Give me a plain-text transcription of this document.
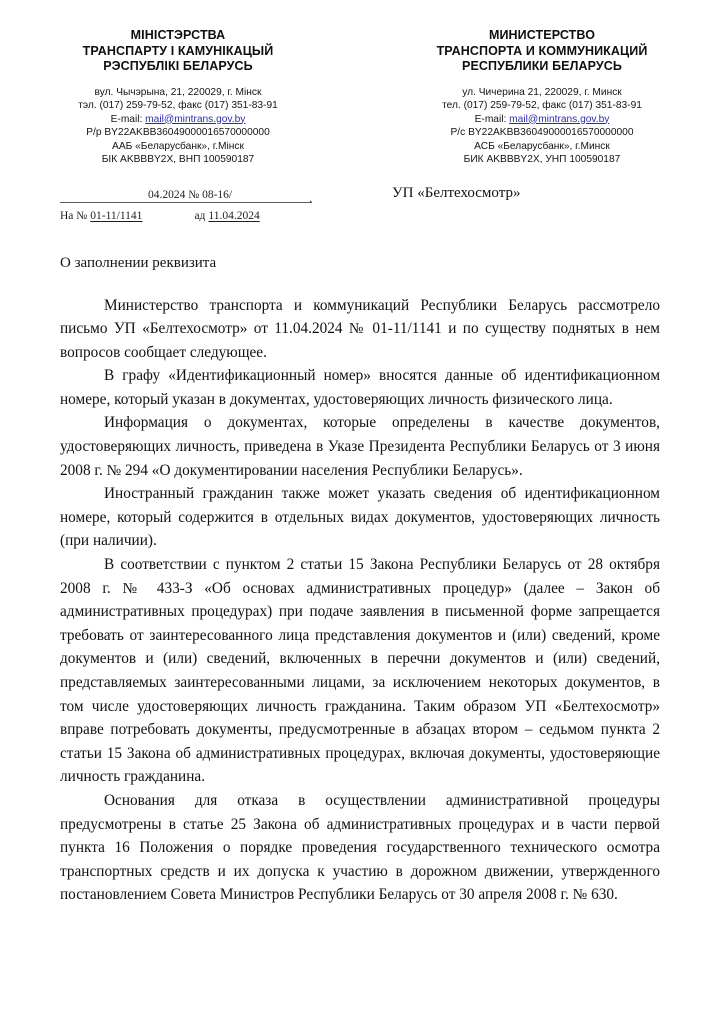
МІНІСТЭРСТВА
ТРАНСПАРТУ І КАМУНІКАЦЫЙ
РЭСПУБЛІКІ БЕЛАРУСЬ
вул. Чычэрына, 21, 220029, г. Мінск
тэл. (017) 259-79-52, факс (017) 351-83-91
E-mail: mail@mintrans.gov.by
Р/р BY22AKBB36049000016570000000
ААБ «Беларусбанк», г.Мінск
БІК AKBBBY2X, ВНП 100590187
МИНИСТЕРСТВО
ТРАНСПОРТА И КОММУНИКАЦИЙ
РЕСПУБЛИКИ БЕЛАРУСЬ
ул. Чичерина 21, 220029, г. Минск
тел. (017) 259-79-52, факс (017) 351-83-91
E-mail: mail@mintrans.gov.by
Р/с BY22AKBB36049000016570000000
АСБ «Беларусбанк», г.Минск
БИК AKBBBY2X, УНП 100590187
04.2024 № 08-16/	.
На № 01-11/1141	ад 11.04.2024
УП «Белтехосмотр»
О заполнении реквизита

Министерство транспорта и коммуникаций Республики Беларусь рассмотрело письмо УП «Белтехосмотр» от 11.04.2024 № 01-11/1141 и по существу поднятых в нем вопросов сообщает следующее.

В графу «Идентификационный номер» вносятся данные об идентификационном номере, который указан в документах, удостоверяющих личность физического лица.

Информация о документах, которые определены в качестве документов, удостоверяющих личность, приведена в Указе Президента Республики Беларусь от 3 июня 2008 г. № 294 «О документировании населения Республики Беларусь».

Иностранный гражданин также может указать сведения об идентификационном номере, который содержится в отдельных видах документов, удостоверяющих личность (при наличии).

В соответствии с пунктом 2 статьи 15 Закона Республики Беларусь от 28 октября 2008 г. № 433-З «Об основах административных процедур» (далее – Закон об административных процедурах) при подаче заявления в письменной форме запрещается требовать от заинтересованного лица представления документов и (или) сведений, кроме документов и (или) сведений, включенных в перечни документов и (или) сведений, представляемых заинтересованными лицами, за исключением некоторых документов, в том числе удостоверяющих личность гражданина. Таким образом УП «Белтехосмотр» вправе потребовать документы, предусмотренные в абзацах втором – седьмом пункта 2 статьи 15 Закона об административных процедурах, включая документы, удостоверяющие личность гражданина.

Основания для отказа в осуществлении административной процедуры предусмотрены в статье 25 Закона об административных процедурах и в части первой пункта 16 Положения о порядке проведения государственного технического осмотра транспортных средств и их допуска к участию в дорожном движении, утвержденного постановлением Совета Министров Республики Беларусь от 30 апреля 2008 г. № 630.
